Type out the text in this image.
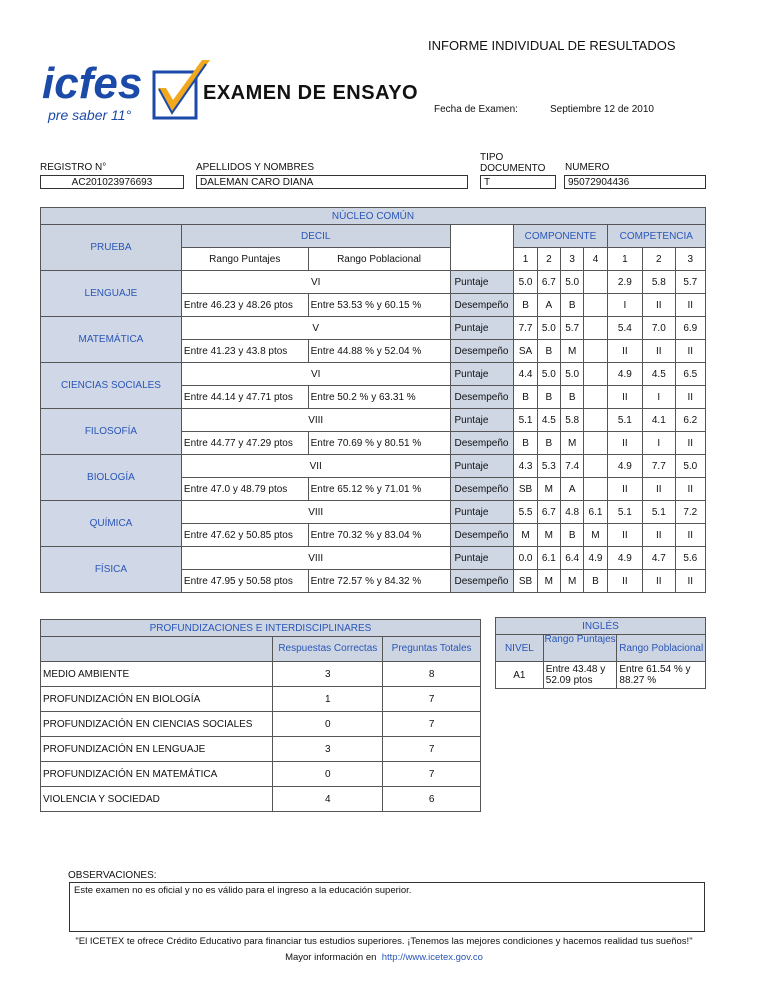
INFORME INDIVIDUAL DE RESULTADOS
icfes
pre saber 11°
EXAMEN DE ENSAYO
Fecha de Examen:	Septiembre 12 de 2010
REGISTRO N°
AC201023976693
APELLIDOS Y NOMBRES
DALEMAN CARO DIANA
TIPO
DOCUMENTO
T
NUMERO
95072904436
NÚCLEO COMÚN										
PRUEBA	DECIL			COMPONENTE				COMPETENCIA		
	Rango Puntajes	Rango Poblacional		1	2	3	4	1	2	3
LENGUAJE	VI		Puntaje	5.0	6.7	5.0		2.9	5.8	5.7
	Entre 46.23 y 48.26 ptos	Entre 53.53 % y 60.15 %	Desempeño	B	A	B		I	II	II
MATEMÁTICA	V		Puntaje	7.7	5.0	5.7		5.4	7.0	6.9
	Entre 41.23 y 43.8 ptos	Entre 44.88 % y 52.04 %	Desempeño	SA	B	M		II	II	II
CIENCIAS SOCIALES	VI		Puntaje	4.4	5.0	5.0		4.9	4.5	6.5
	Entre 44.14 y 47.71 ptos	Entre 50.2 % y 63.31 %	Desempeño	B	B	B		II	I	II
FILOSOFÍA	VIII		Puntaje	5.1	4.5	5.8		5.1	4.1	6.2
	Entre 44.77 y 47.29 ptos	Entre 70.69 % y 80.51 %	Desempeño	B	B	M		II	I	II
BIOLOGÍA	VII		Puntaje	4.3	5.3	7.4		4.9	7.7	5.0
	Entre 47.0 y 48.79 ptos	Entre 65.12 % y 71.01 %	Desempeño	SB	M	A		II	II	II
QUÍMICA	VIII		Puntaje	5.5	6.7	4.8	6.1	5.1	5.1	7.2
	Entre 47.62 y 50.85 ptos	Entre 70.32 % y 83.04 %	Desempeño	M	M	B	M	II	II	II
FÍSICA	VIII		Puntaje	0.0	6.1	6.4	4.9	4.9	4.7	5.6
	Entre 47.95 y 50.58 ptos	Entre 72.57 % y 84.32 %	Desempeño	SB	M	M	B	II	II	II
PROFUNDIZACIONES E INTERDISCIPLINARES		
	Respuestas Correctas	Preguntas Totales
MEDIO AMBIENTE	3	8
PROFUNDIZACIÓN EN BIOLOGÍA	1	7
PROFUNDIZACIÓN EN CIENCIAS SOCIALES	0	7
PROFUNDIZACIÓN EN LENGUAJE	3	7
PROFUNDIZACIÓN EN MATEMÁTICA	0	7
VIOLENCIA Y SOCIEDAD	4	6
INGLÉS		
NIVEL	Rango Puntajes	Rango Poblacional
A1	Entre 43.48 y 52.09 ptos	Entre 61.54 % y 88.27 %
OBSERVACIONES:
Este examen no es oficial y no es válido para el ingreso a la educación superior.
"El ICETEX te ofrece Crédito Educativo para financiar tus estudios superiores. ¡Tenemos las mejores condiciones y hacemos realidad tus sueños!"
Mayor información en http://www.icetex.gov.co
